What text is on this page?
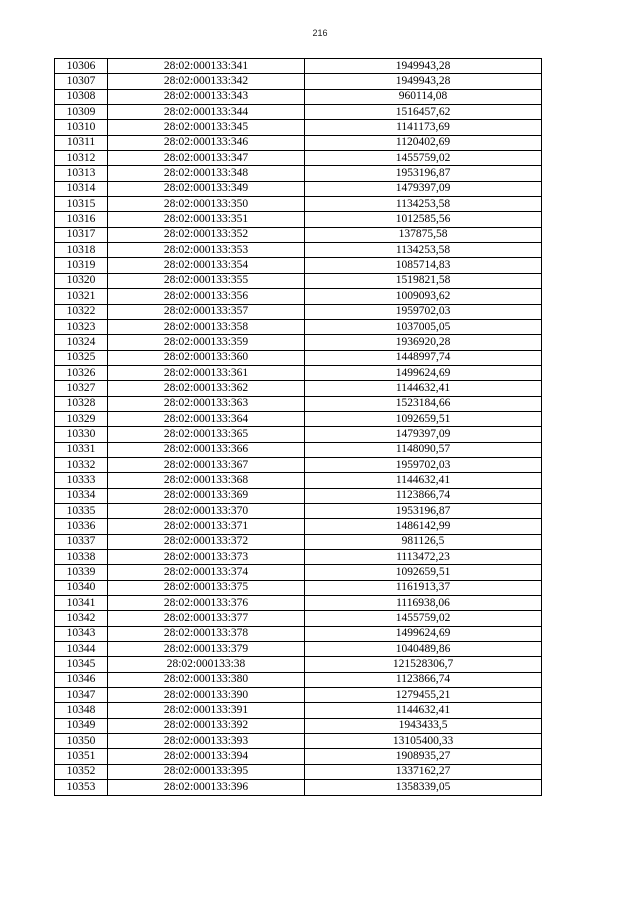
216
10306	28:02:000133:341	1949943,28
10307	28:02:000133:342	1949943,28
10308	28:02:000133:343	960114,08
10309	28:02:000133:344	1516457,62
10310	28:02:000133:345	1141173,69
10311	28:02:000133:346	1120402,69
10312	28:02:000133:347	1455759,02
10313	28:02:000133:348	1953196,87
10314	28:02:000133:349	1479397,09
10315	28:02:000133:350	1134253,58
10316	28:02:000133:351	1012585,56
10317	28:02:000133:352	137875,58
10318	28:02:000133:353	1134253,58
10319	28:02:000133:354	1085714,83
10320	28:02:000133:355	1519821,58
10321	28:02:000133:356	1009093,62
10322	28:02:000133:357	1959702,03
10323	28:02:000133:358	1037005,05
10324	28:02:000133:359	1936920,28
10325	28:02:000133:360	1448997,74
10326	28:02:000133:361	1499624,69
10327	28:02:000133:362	1144632,41
10328	28:02:000133:363	1523184,66
10329	28:02:000133:364	1092659,51
10330	28:02:000133:365	1479397,09
10331	28:02:000133:366	1148090,57
10332	28:02:000133:367	1959702,03
10333	28:02:000133:368	1144632,41
10334	28:02:000133:369	1123866,74
10335	28:02:000133:370	1953196,87
10336	28:02:000133:371	1486142,99
10337	28:02:000133:372	981126,5
10338	28:02:000133:373	1113472,23
10339	28:02:000133:374	1092659,51
10340	28:02:000133:375	1161913,37
10341	28:02:000133:376	1116938,06
10342	28:02:000133:377	1455759,02
10343	28:02:000133:378	1499624,69
10344	28:02:000133:379	1040489,86
10345	28:02:000133:38	121528306,7
10346	28:02:000133:380	1123866,74
10347	28:02:000133:390	1279455,21
10348	28:02:000133:391	1144632,41
10349	28:02:000133:392	1943433,5
10350	28:02:000133:393	13105400,33
10351	28:02:000133:394	1908935,27
10352	28:02:000133:395	1337162,27
10353	28:02:000133:396	1358339,05
